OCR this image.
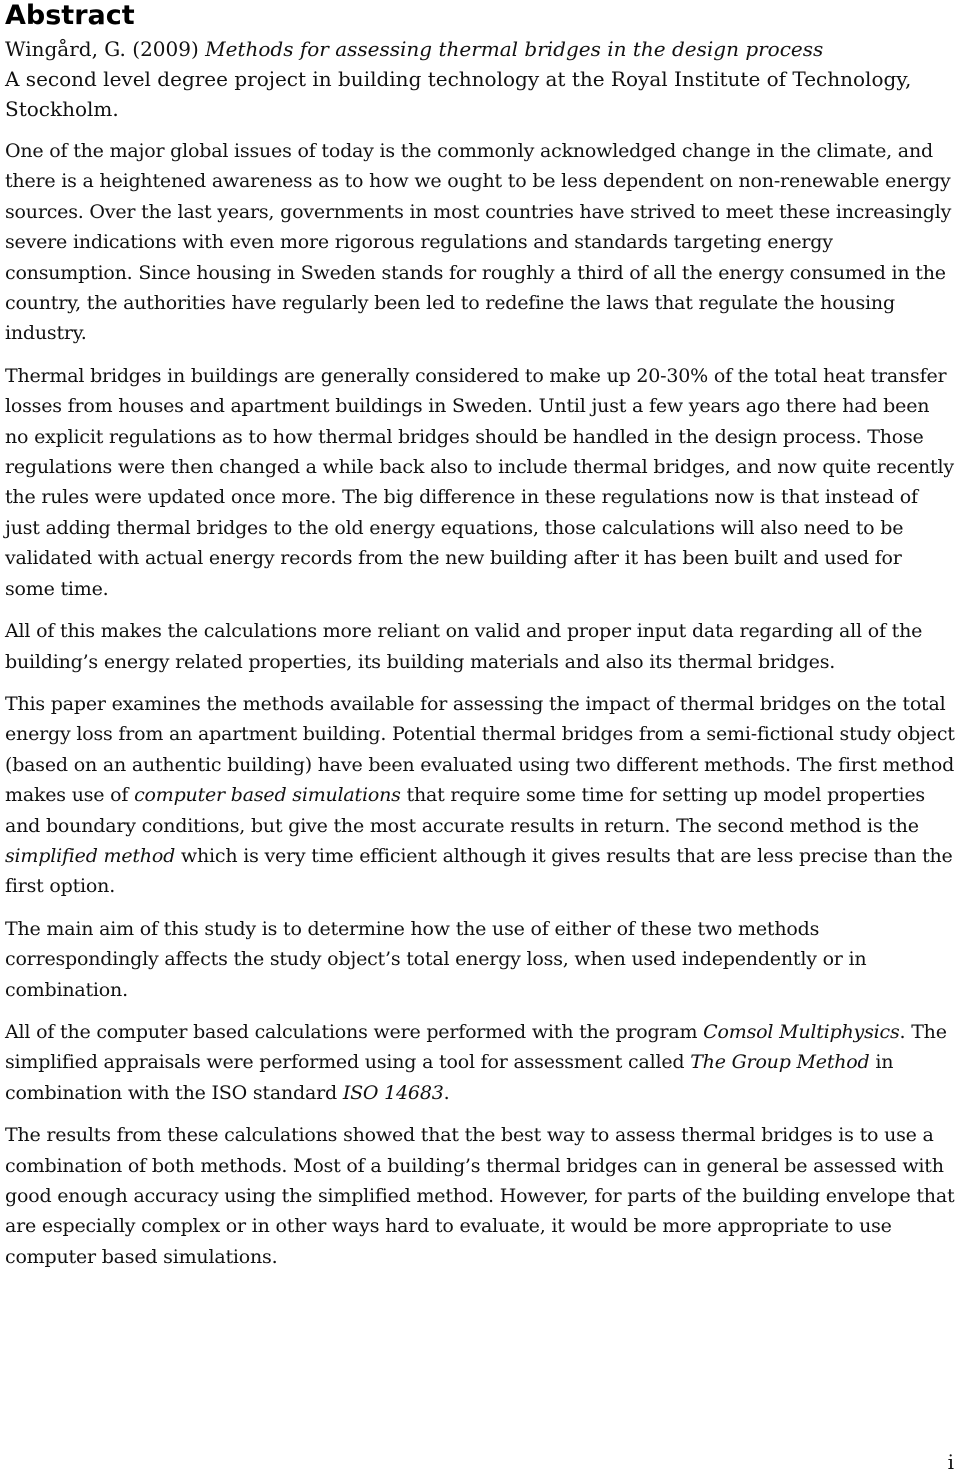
Abstract
Wingård, G. (2009) Methods for assessing thermal bridges in the design process
A second level degree project in building technology at the Royal Institute of Technology, Stockholm.

One of the major global issues of today is the commonly acknowledged change in the climate, and there is a heightened awareness as to how we ought to be less dependent on non-renewable energy sources. Over the last years, governments in most countries have strived to meet these increasingly severe indications with even more rigorous regulations and standards targeting energy consumption. Since housing in Sweden stands for roughly a third of all the energy consumed in the country, the authorities have regularly been led to redefine the laws that regulate the housing industry.

Thermal bridges in buildings are generally considered to make up 20-30% of the total heat transfer losses from houses and apartment buildings in Sweden. Until just a few years ago there had been no explicit regulations as to how thermal bridges should be handled in the design process. Those regulations were then changed a while back also to include thermal bridges, and now quite recently the rules were updated once more. The big difference in these regulations now is that instead of just adding thermal bridges to the old energy equations, those calculations will also need to be validated with actual energy records from the new building after it has been built and used for some time.

All of this makes the calculations more reliant on valid and proper input data regarding all of the building’s energy related properties, its building materials and also its thermal bridges.

This paper examines the methods available for assessing the impact of thermal bridges on the total energy loss from an apartment building. Potential thermal bridges from a semi-fictional study object (based on an authentic building) have been evaluated using two different methods. The first method makes use of computer based simulations that require some time for setting up model properties and boundary conditions, but give the most accurate results in return. The second method is the simplified method which is very time efficient although it gives results that are less precise than the first option.

The main aim of this study is to determine how the use of either of these two methods correspondingly affects the study object’s total energy loss, when used independently or in combination.

All of the computer based calculations were performed with the program Comsol Multiphysics. The simplified appraisals were performed using a tool for assessment called The Group Method in combination with the ISO standard ISO 14683.

The results from these calculations showed that the best way to assess thermal bridges is to use a combination of both methods. Most of a building’s thermal bridges can in general be assessed with good enough accuracy using the simplified method. However, for parts of the building envelope that are especially complex or in other ways hard to evaluate, it would be more appropriate to use computer based simulations.

i
